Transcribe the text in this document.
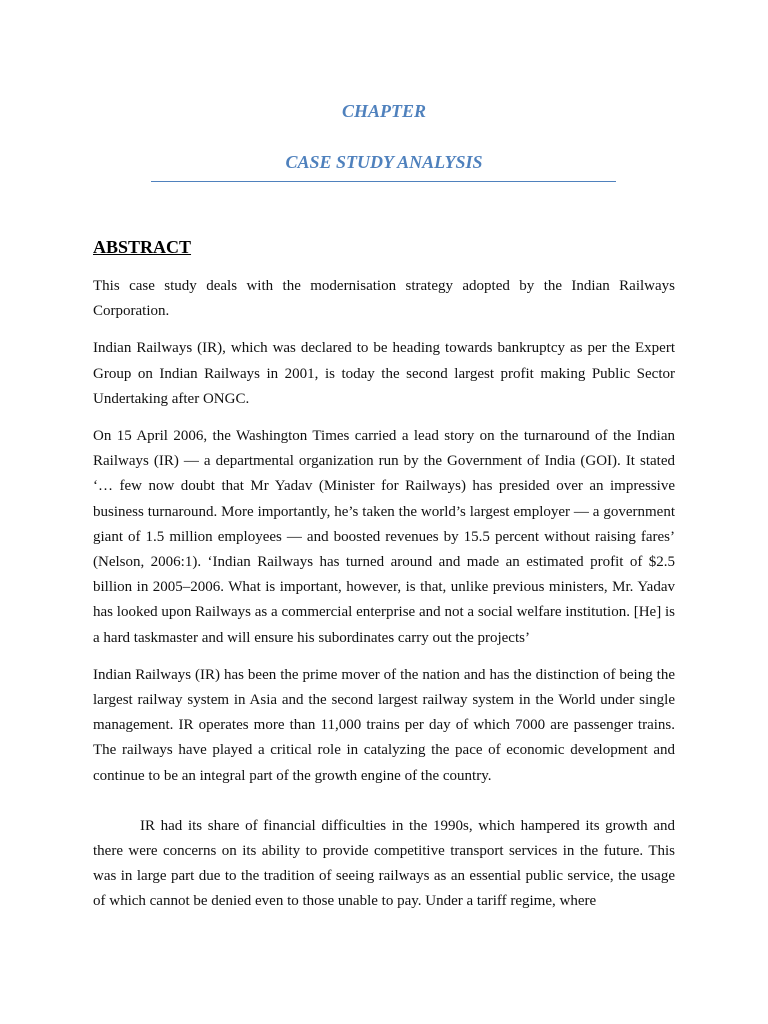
CHAPTER
CASE STUDY ANALYSIS
ABSTRACT

This case study deals with the modernisation strategy adopted by the Indian Railways Corporation.

Indian Railways (IR), which was declared to be heading towards bankruptcy as per the Expert Group on Indian Railways in 2001, is today the second largest profit making Public Sector Undertaking after ONGC.

On 15 April 2006, the Washington Times carried a lead story on the turnaround of the Indian Railways (IR) — a departmental organization run by the Government of India (GOI). It stated ‘… few now doubt that Mr Yadav (Minister for Railways) has presided over an impressive business turnaround. More importantly, he’s taken the world’s largest employer — a government giant of 1.5 million employees — and boosted revenues by 15.5 percent without raising fares’ (Nelson, 2006:1). ‘Indian Railways has turned around and made an estimated profit of $2.5 billion in 2005–2006. What is important, however, is that, unlike previous ministers, Mr. Yadav has looked upon Railways as a commercial enterprise and not a social welfare institution. [He] is a hard taskmaster and will ensure his subordinates carry out the projects’

Indian Railways (IR) has been the prime mover of the nation and has the distinction of being the largest railway system in Asia and the second largest railway system in the World under single management. IR operates more than 11,000 trains per day of which 7000 are passenger trains. The railways have played a critical role in catalyzing the pace of economic development and continue to be an integral part of the growth engine of the country.

IR had its share of financial difficulties in the 1990s, which hampered its growth and there were concerns on its ability to provide competitive transport services in the future. This was in large part due to the tradition of seeing railways as an essential public service, the usage of which cannot be denied even to those unable to pay. Under a tariff regime, where
